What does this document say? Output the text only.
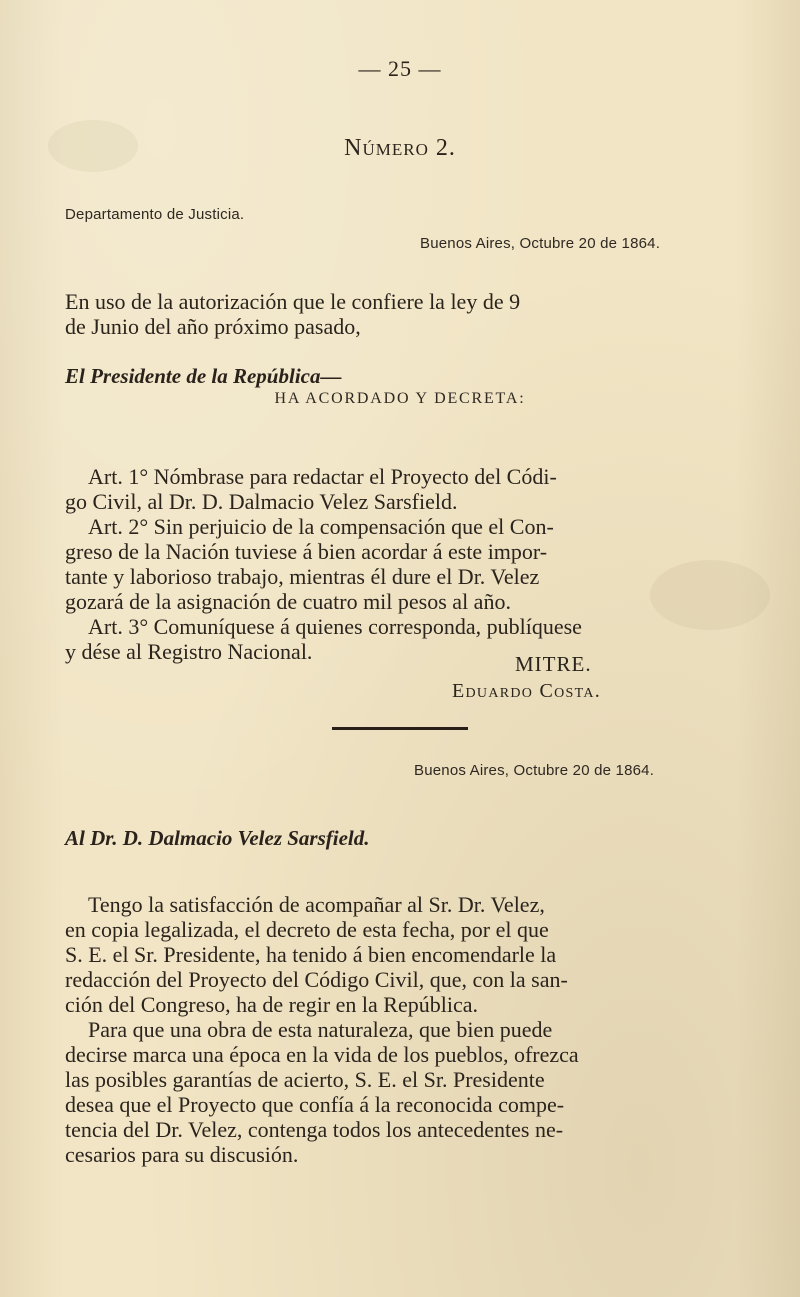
— 25 —
Número 2.
Departamento de Justicia.
Buenos Aires, Octubre 20 de 1864.
En uso de la autorización que le confiere la ley de 9
de Junio del año próximo pasado,
El Presidente de la República—
HA ACORDADO Y DECRETA:
Art. 1° Nómbrase para redactar el Proyecto del Códi-
go Civil, al Dr. D. Dalmacio Velez Sarsfield.
Art. 2° Sin perjuicio de la compensación que el Con-
greso de la Nación tuviese á bien acordar á este impor-
tante y laborioso trabajo, mientras él dure el Dr. Velez
gozará de la asignación de cuatro mil pesos al año.
Art. 3° Comuníquese á quienes corresponda, publíquese
y dése al Registro Nacional.	MITRE.
Eduardo Costa.
Buenos Aires, Octubre 20 de 1864.
Al Dr. D. Dalmacio Velez Sarsfield.
Tengo la satisfacción de acompañar al Sr. Dr. Velez,
en copia legalizada, el decreto de esta fecha, por el que
S. E. el Sr. Presidente, ha tenido á bien encomendarle la
redacción del Proyecto del Código Civil, que, con la san-
ción del Congreso, ha de regir en la República.
Para que una obra de esta naturaleza, que bien puede
decirse marca una época en la vida de los pueblos, ofrezca
las posibles garantías de acierto, S. E. el Sr. Presidente
desea que el Proyecto que confía á la reconocida compe-
tencia del Dr. Velez, contenga todos los antecedentes ne-
cesarios para su discusión.
